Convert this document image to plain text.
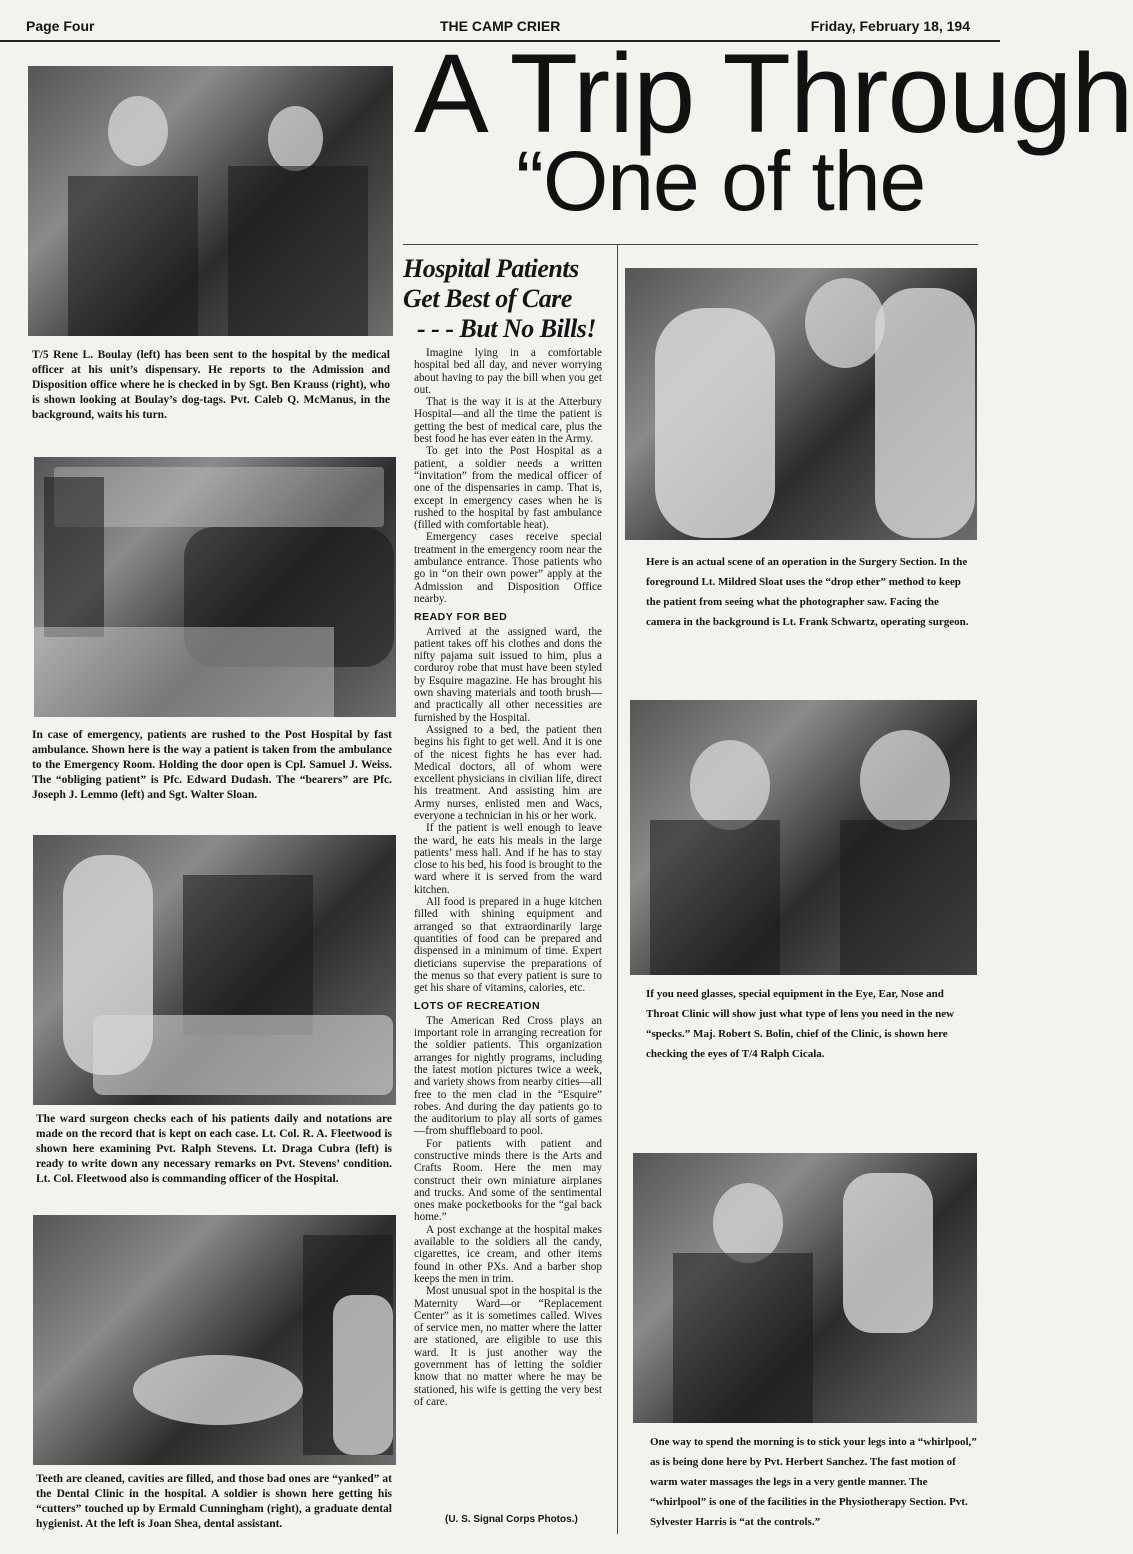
Page Four	THE CAMP CRIER	Friday, February 18, 194
A Trip Through
“One of the
T/5 Rene L. Boulay (left) has been sent to the hospital by the medical officer at his unit’s dispensary. He reports to the Admission and Disposition office where he is checked in by Sgt. Ben Krauss (right), who is shown looking at Boulay’s dog-tags. Pvt. Caleb Q. McManus, in the background, waits his turn.
In case of emergency, patients are rushed to the Post Hospital by fast ambulance. Shown here is the way a patient is taken from the ambulance to the Emergency Room. Holding the door open is Cpl. Samuel J. Weiss. The “obliging patient” is Pfc. Edward Dudash. The “bearers” are Pfc. Joseph J. Lemmo (left) and Sgt. Walter Sloan.
The ward surgeon checks each of his patients daily and notations are made on the record that is kept on each case. Lt. Col. R. A. Fleetwood is shown here examining Pvt. Ralph Stevens. Lt. Draga Cubra (left) is ready to write down any necessary remarks on Pvt. Stevens’ condition. Lt. Col. Fleetwood also is commanding officer of the Hospital.
Teeth are cleaned, cavities are filled, and those bad ones are “yanked” at the Dental Clinic in the hospital. A soldier is shown here getting his “cutters” touched up by Ermald Cunningham (right), a graduate dental hygienist. At the left is Joan Shea, dental assistant.
Hospital Patients
Get Best of Care
- - - But No Bills!

Imagine lying in a comfortable hospital bed all day, and never worrying about having to pay the bill when you get out.

That is the way it is at the Atterbury Hospital—and all the time the patient is getting the best of medical care, plus the best food he has ever eaten in the Army.

To get into the Post Hospital as a patient, a soldier needs a written “invitation” from the medical officer of one of the dispensaries in camp. That is, except in emergency cases when he is rushed to the hospital by fast ambulance (filled with comfortable heat).

Emergency cases receive special treatment in the emergency room near the ambulance entrance. Those patients who go in “on their own power” apply at the Admission and Disposition Office nearby.

READY FOR BED

Arrived at the assigned ward, the patient takes off his clothes and dons the nifty pajama suit issued to him, plus a corduroy robe that must have been styled by Esquire magazine. He has brought his own shaving materials and tooth brush—and practically all other necessities are furnished by the Hospital.

Assigned to a bed, the patient then begins his fight to get well. And it is one of the nicest fights he has ever had. Medical doctors, all of whom were excellent physicians in civilian life, direct his treatment. And assisting him are Army nurses, enlisted men and Wacs, everyone a technician in his or her work.

If the patient is well enough to leave the ward, he eats his meals in the large patients’ mess hall. And if he has to stay close to his bed, his food is brought to the ward where it is served from the ward kitchen.

All food is prepared in a huge kitchen filled with shining equipment and arranged so that extraordinarily large quantities of food can be prepared and dispensed in a minimum of time. Expert dieticians supervise the preparations of the menus so that every patient is sure to get his share of vitamins, calories, etc.

LOTS OF RECREATION

The American Red Cross plays an important role in arranging recreation for the soldier patients. This organization arranges for nightly programs, including the latest motion pictures twice a week, and variety shows from nearby cities—all free to the men clad in the “Esquire” robes. And during the day patients go to the auditorium to play all sorts of games—from shuffleboard to pool.

For patients with patient and constructive minds there is the Arts and Crafts Room. Here the men may construct their own miniature airplanes and trucks. And some of the sentimental ones make pocketbooks for the “gal back home.”

A post exchange at the hospital makes available to the soldiers all the candy, cigarettes, ice cream, and other items found in other PXs. And a barber shop keeps the men in trim.

Most unusual spot in the hospital is the Maternity Ward—or “Replacement Center” as it is sometimes called. Wives of service men, no matter where the latter are stationed, are eligible to use this ward. It is just another way the government has of letting the soldier know that no matter where he may be stationed, his wife is getting the very best of care.

(U. S. Signal Corps Photos.)
Here is an actual scene of an operation in the Surgery Section. In the foreground Lt. Mildred Sloat uses the “drop ether” method to keep the patient from seeing what the photographer saw. Facing the camera in the background is Lt. Frank Schwartz, operating surgeon.
If you need glasses, special equipment in the Eye, Ear, Nose and Throat Clinic will show just what type of lens you need in the new “specks.” Maj. Robert S. Bolin, chief of the Clinic, is shown here checking the eyes of T/4 Ralph Cicala.
One way to spend the morning is to stick your legs into a “whirlpool,” as is being done here by Pvt. Herbert Sanchez. The fast motion of warm water massages the legs in a very gentle manner. The “whirlpool” is one of the facilities in the Physiotherapy Section. Pvt. Sylvester Harris is “at the controls.”
